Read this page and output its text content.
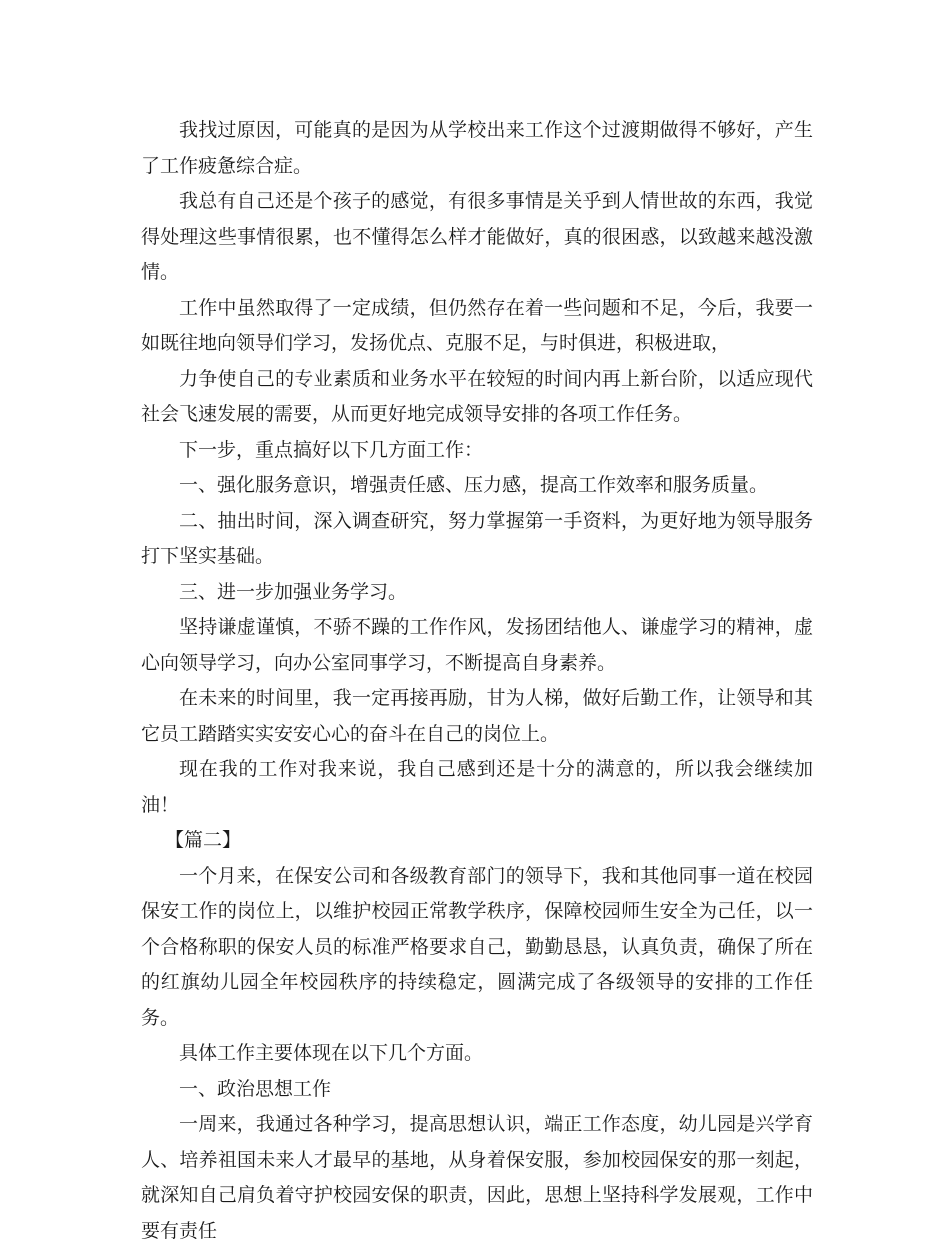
我找过原因，可能真的是因为从学校出来工作这个过渡期做得不够好，产生了工作疲惫综合症。

我总有自己还是个孩子的感觉，有很多事情是关乎到人情世故的东西，我觉得处理这些事情很累，也不懂得怎么样才能做好，真的很困惑，以致越来越没激情。

工作中虽然取得了一定成绩，但仍然存在着一些问题和不足，今后，我要一如既往地向领导们学习，发扬优点、克服不足，与时俱进，积极进取，

力争使自己的专业素质和业务水平在较短的时间内再上新台阶，以适应现代社会飞速发展的需要，从而更好地完成领导安排的各项工作任务。

下一步，重点搞好以下几方面工作：

一、强化服务意识，增强责任感、压力感，提高工作效率和服务质量。

二、抽出时间，深入调查研究，努力掌握第一手资料，为更好地为领导服务打下坚实基础。

三、进一步加强业务学习。

坚持谦虚谨慎，不骄不躁的工作作风，发扬团结他人、谦虚学习的精神，虚心向领导学习，向办公室同事学习，不断提高自身素养。

在未来的时间里，我一定再接再励，甘为人梯，做好后勤工作，让领导和其它员工踏踏实实安安心心的奋斗在自己的岗位上。

现在我的工作对我来说，我自己感到还是十分的满意的，所以我会继续加油！

【篇二】

一个月来，在保安公司和各级教育部门的领导下，我和其他同事一道在校园保安工作的岗位上，以维护校园正常教学秩序，保障校园师生安全为己任，以一个合格称职的保安人员的标准严格要求自己，勤勤恳恳，认真负责，确保了所在的红旗幼儿园全年校园秩序的持续稳定，圆满完成了各级领导的安排的工作任务。

具体工作主要体现在以下几个方面。

一、政治思想工作

一周来，我通过各种学习，提高思想认识，端正工作态度，幼儿园是兴学育人、培养祖国未来人才最早的基地，从身着保安服，参加校园保安的那一刻起，就深知自己肩负着守护校园安保的职责，因此，思想上坚持科学发展观，工作中要有责任
